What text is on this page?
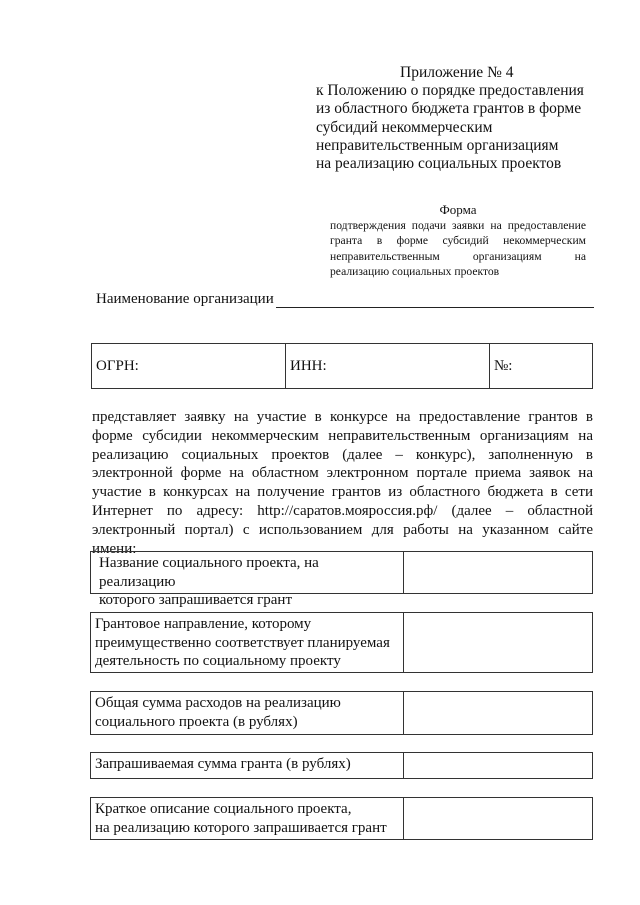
Приложение № 4
к Положению о порядке предоставления
из областного бюджета грантов в форме
субсидий некоммерческим
неправительственным организациям
на реализацию социальных проектов
Форма
подтверждения подачи заявки на предоставление гранта в форме субсидий некоммерческим неправительственным организациям на реализацию социальных проектов
Наименование организации
ОГРН:	ИНН:	№:
представляет заявку на участие в конкурсе на предоставление грантов в форме субсидии некоммерческим неправительственным организациям на реализацию социальных проектов (далее – конкурс), заполненную в электронной форме на областном электронном портале приема заявок на участие в конкурсах на получение грантов из областного бюджета в сети Интернет по адресу: http://саратов.мояроссия.рф/ (далее – областной электронный портал) с использованием для работы на указанном сайте имени:
Название социального проекта, на реализацию
которого запрашивается грант
Грантовое направление, которому
преимущественно соответствует планируемая
деятельность по социальному проекту
Общая сумма расходов на реализацию
социального проекта (в рублях)
Запрашиваемая сумма гранта (в рублях)
Краткое описание социального проекта,
на реализацию которого запрашивается грант
